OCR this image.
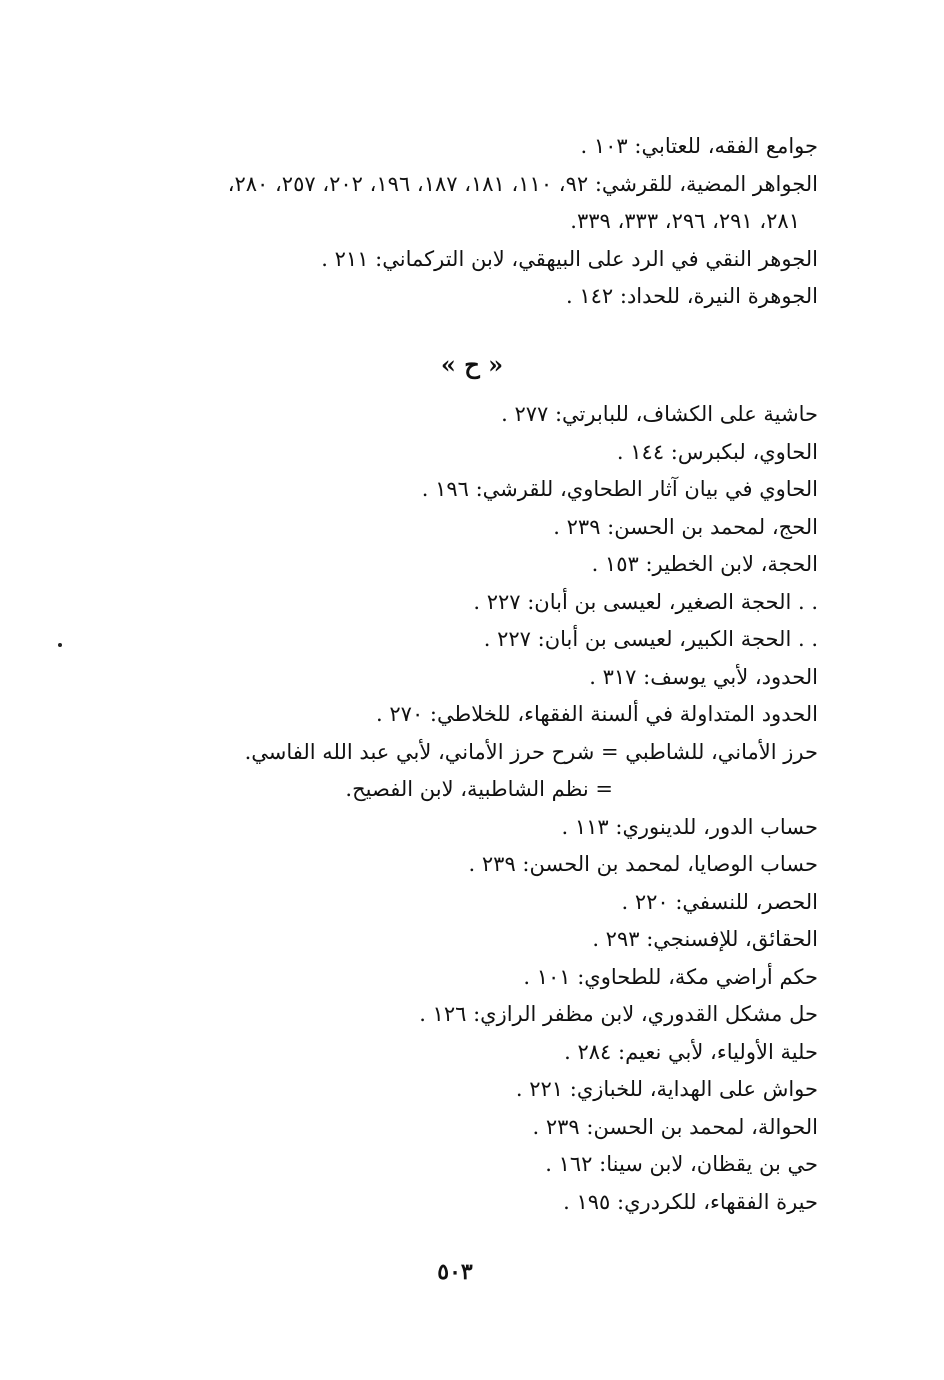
جوامع الفقه، للعتابي: ١٠٣ .
الجواهر المضية، للقرشي: ٩٢، ١١٠، ١٨١، ١٨٧، ١٩٦، ٢٠٢، ٢٥٧، ٢٨٠،
٢٨١، ٢٩١، ٢٩٦، ٣٣٣، ٣٣٩.
الجوهر النقي في الرد على البيهقي، لابن التركماني: ٢١١ .
الجوهرة النيرة، للحداد: ١٤٢ .
« ح »
حاشية على الكشاف، للبابرتي: ٢٧٧ .
الحاوي، لبكبرس: ١٤٤ .
الحاوي في بيان آثار الطحاوي، للقرشي: ١٩٦ .
الحج، لمحمد بن الحسن: ٢٣٩ .
الحجة، لابن الخطير: ١٥٣ .
. . الحجة الصغير، لعيسى بن أبان: ٢٢٧ .
. . الحجة الكبير، لعيسى بن أبان: ٢٢٧ .
الحدود، لأبي يوسف: ٣١٧ .
الحدود المتداولة في ألسنة الفقهاء، للخلاطي: ٢٧٠ .
حرز الأماني، للشاطبي = شرح حرز الأماني، لأبي عبد الله الفاسي.
= نظم الشاطبية، لابن الفصيح.
حساب الدور، للدينوري: ١١٣ .
حساب الوصايا، لمحمد بن الحسن: ٢٣٩ .
الحصر، للنسفي: ٢٢٠ .
الحقائق، للإفسنجي: ٢٩٣ .
حكم أراضي مكة، للطحاوي: ١٠١ .
حل مشكل القدوري، لابن مظفر الرازي: ١٢٦ .
حلية الأولياء، لأبي نعيم: ٢٨٤ .
حواش على الهداية، للخبازي: ٢٢١ .
الحوالة، لمحمد بن الحسن: ٢٣٩ .
حي بن يقظان، لابن سينا: ١٦٢ .
حيرة الفقهاء، للكردري: ١٩٥ .
٥٠٣
